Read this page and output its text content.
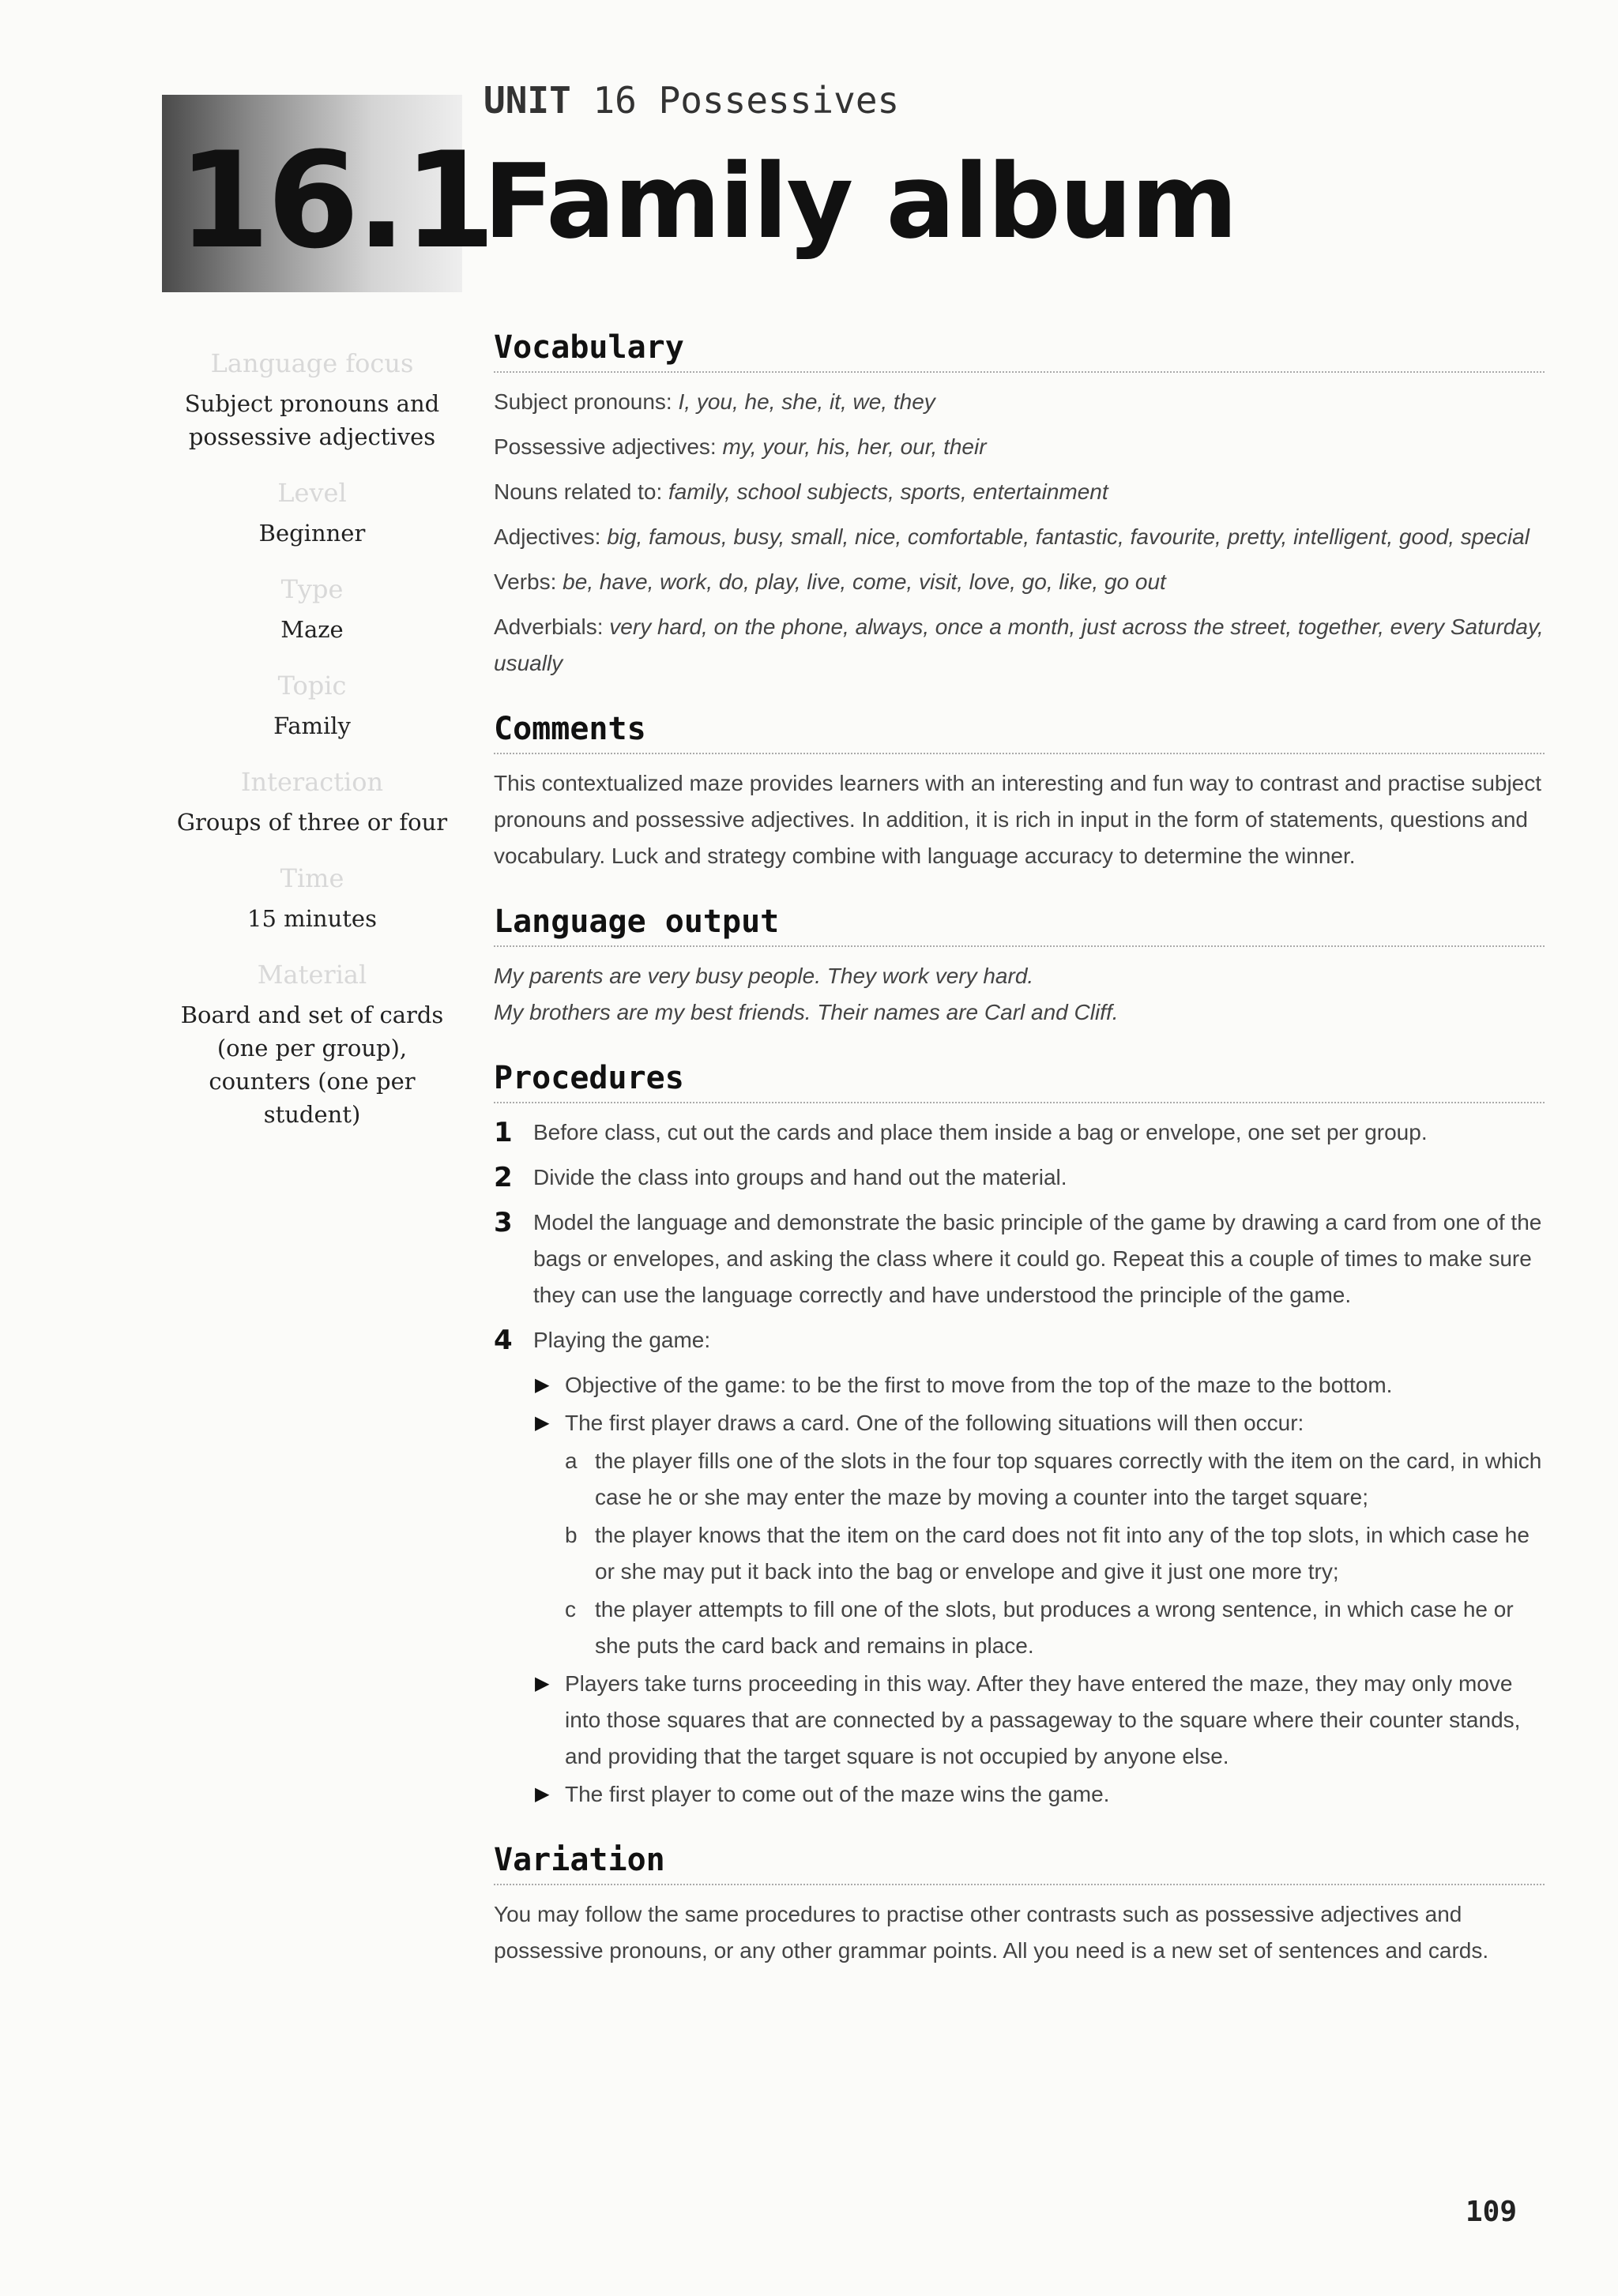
16.1
UNIT 16 Possessives
Family album
Language focus
Subject pronouns and possessive adjectives
Level
Beginner
Type
Maze
Topic
Family
Interaction
Groups of three or four
Time
15 minutes
Material
Board and set of cards (one per group), counters (one per student)
Vocabulary
Subject pronouns: I, you, he, she, it, we, they
Possessive adjectives: my, your, his, her, our, their
Nouns related to: family, school subjects, sports, entertainment
Adjectives: big, famous, busy, small, nice, comfortable, fantastic, favourite, pretty, intelligent, good, special
Verbs: be, have, work, do, play, live, come, visit, love, go, like, go out
Adverbials: very hard, on the phone, always, once a month, just across the street, together, every Saturday, usually
Comments
This contextualized maze provides learners with an interesting and fun way to contrast and practise subject pronouns and possessive adjectives. In addition, it is rich in input in the form of statements, questions and vocabulary. Luck and strategy combine with language accuracy to determine the winner.
Language output
My parents are very busy people. They work very hard.
My brothers are my best friends. Their names are Carl and Cliff.
Procedures
1 Before class, cut out the cards and place them inside a bag or envelope, one set per group.
2 Divide the class into groups and hand out the material.
3 Model the language and demonstrate the basic principle of the game by drawing a card from one of the bags or envelopes, and asking the class where it could go. Repeat this a couple of times to make sure they can use the language correctly and have understood the principle of the game.
4 Playing the game:
▶ Objective of the game: to be the first to move from the top of the maze to the bottom.
▶ The first player draws a card. One of the following situations will then occur:
a the player fills one of the slots in the four top squares correctly with the item on the card, in which case he or she may enter the maze by moving a counter into the target square;
b the player knows that the item on the card does not fit into any of the top slots, in which case he or she may put it back into the bag or envelope and give it just one more try;
c the player attempts to fill one of the slots, but produces a wrong sentence, in which case he or she puts the card back and remains in place.
▶ Players take turns proceeding in this way. After they have entered the maze, they may only move into those squares that are connected by a passageway to the square where their counter stands, and providing that the target square is not occupied by anyone else.
▶ The first player to come out of the maze wins the game.
Variation
You may follow the same procedures to practise other contrasts such as possessive adjectives and possessive pronouns, or any other grammar points. All you need is a new set of sentences and cards.
109
